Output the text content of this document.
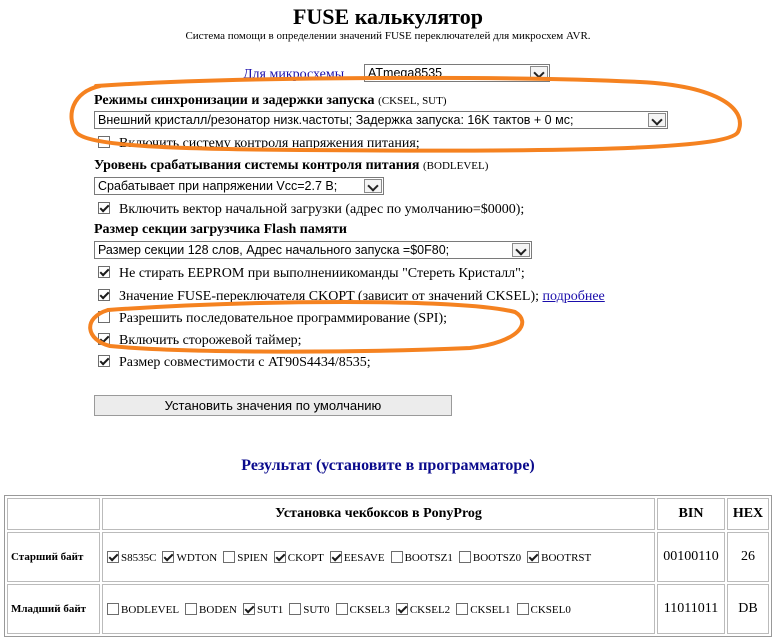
FUSE калькулятор
Система помощи в определении значений FUSE переключателей для микросхем AVR.
Для микросхемы	ATmega8535
Режимы синхронизации и задержки запуска (CKSEL, SUT)
Внешний кристалл/резонатор низк.частоты; Задержка запуска: 16K тактов + 0 мс;
Включить систему контроля напряжения питания;
Уровень срабатывания системы контроля питания (BODLEVEL)
Срабатывает при напряжении Vcc=2.7 В;
Включить вектор начальной загрузки (адрес по умолчанию=$0000);
Размер секции загрузчика Flash памяти
Размер секции 128 слов, Адрес начального запуска =$0F80;
Не стирать EEPROM при выполнениикоманды "Стереть Кристалл";
Значение FUSE-переключателя CKOPT (зависит от значений CKSEL); подробнее
Разрешить последовательное программирование (SPI);
Включить сторожевой таймер;
Размер совместимости с AT90S4434/8535;
Установить значения по умолчанию
Результат (установите в программаторе)
	Установка чекбоксов в PonyProg	BIN	HEX
Старший байт	S8535C WDTON SPIEN CKOPT EESAVE BOOTSZ1 BOOTSZ0 BOOTRST	00100110	26
Младший байт	BODLEVEL BODEN SUT1 SUT0 CKSEL3 CKSEL2 CKSEL1 CKSEL0	11011011	DB
